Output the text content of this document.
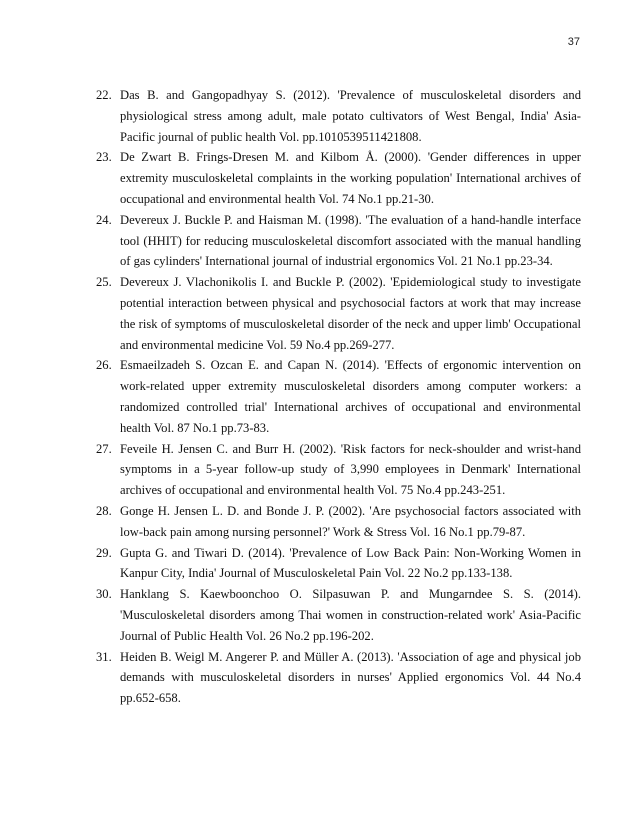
37
22. Das B. and Gangopadhyay S. (2012). 'Prevalence of musculoskeletal disorders and physiological stress among adult, male potato cultivators of West Bengal, India' Asia-Pacific journal of public health Vol. pp.1010539511421808.
23. De Zwart B. Frings-Dresen M. and Kilbom Å. (2000). 'Gender differences in upper extremity musculoskeletal complaints in the working population' International archives of occupational and environmental health Vol. 74 No.1 pp.21-30.
24. Devereux J. Buckle P. and Haisman M. (1998). 'The evaluation of a hand-handle interface tool (HHIT) for reducing musculoskeletal discomfort associated with the manual handling of gas cylinders' International journal of industrial ergonomics Vol. 21 No.1 pp.23-34.
25. Devereux J. Vlachonikolis I. and Buckle P. (2002). 'Epidemiological study to investigate potential interaction between physical and psychosocial factors at work that may increase the risk of symptoms of musculoskeletal disorder of the neck and upper limb' Occupational and environmental medicine Vol. 59 No.4 pp.269-277.
26. Esmaeilzadeh S. Ozcan E. and Capan N. (2014). 'Effects of ergonomic intervention on work-related upper extremity musculoskeletal disorders among computer workers: a randomized controlled trial' International archives of occupational and environmental health Vol. 87 No.1 pp.73-83.
27. Feveile H. Jensen C. and Burr H. (2002). 'Risk factors for neck-shoulder and wrist-hand symptoms in a 5-year follow-up study of 3,990 employees in Denmark' International archives of occupational and environmental health Vol. 75 No.4 pp.243-251.
28. Gonge H. Jensen L. D. and Bonde J. P. (2002). 'Are psychosocial factors associated with low-back pain among nursing personnel?' Work & Stress Vol. 16 No.1 pp.79-87.
29. Gupta G. and Tiwari D. (2014). 'Prevalence of Low Back Pain: Non-Working Women in Kanpur City, India' Journal of Musculoskeletal Pain Vol. 22 No.2 pp.133-138.
30. Hanklang S. Kaewboonchoo O. Silpasuwan P. and Mungarndee S. S. (2014). 'Musculoskeletal disorders among Thai women in construction-related work' Asia-Pacific Journal of Public Health Vol. 26 No.2 pp.196-202.
31. Heiden B. Weigl M. Angerer P. and Müller A. (2013). 'Association of age and physical job demands with musculoskeletal disorders in nurses' Applied ergonomics Vol. 44 No.4 pp.652-658.
